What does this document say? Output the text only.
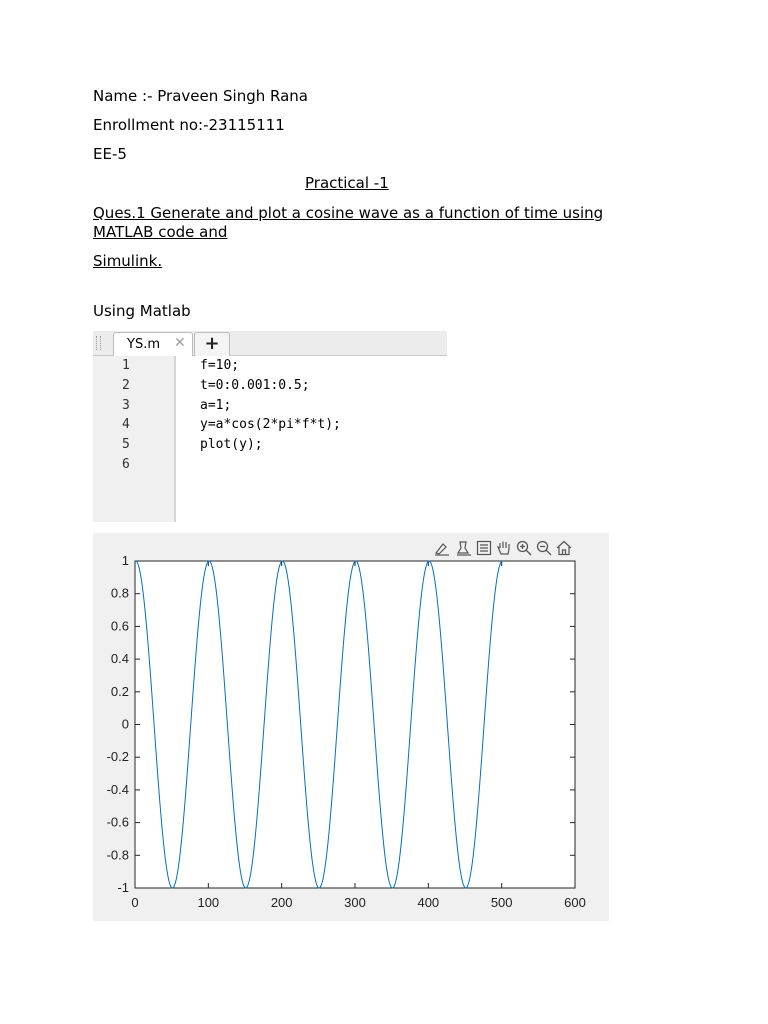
Name :- Praveen Singh Rana
Enrollment no:-23115111
EE-5
Practical -1
Ques.1 Generate and plot a cosine wave as a function of time using
MATLAB code and
Simulink.
Using Matlab
YS.m ✕	+
1
2
3
4
5
6
f=10;
t=0:0.001:0.5;
a=1;
y=a*cos(2*pi*f*t);
plot(y);
0	100	200	300	400	500	600
1
0.8
0.6
0.4
0.2
0
-0.2
-0.4
-0.6
-0.8
-1
